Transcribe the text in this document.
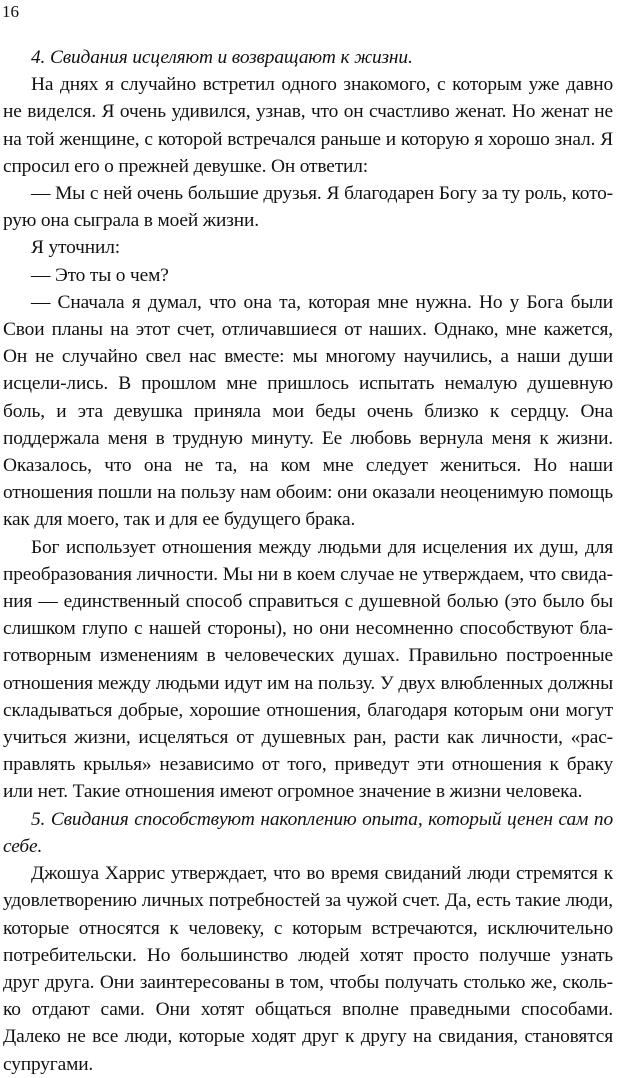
16

4. Свидания исцеляют и возвращают к жизни.

На днях я случайно встретил одного знакомого, с которым уже давно не виделся. Я очень удивился, узнав, что он счастливо женат. Но женат не на той женщине, с которой встречался раньше и которую я хорошо знал. Я спросил его о прежней девушке. Он ответил:

— Мы с ней очень большие друзья. Я благодарен Богу за ту роль, кото-рую она сыграла в моей жизни.

Я уточнил:

— Это ты о чем?

— Сначала я думал, что она та, которая мне нужна. Но у Бога были Свои планы на этот счет, отличавшиеся от наших. Однако, мне кажется, Он не случайно свел нас вместе: мы многому научились, а наши души исцели-лись. В прошлом мне пришлось испытать немалую душевную боль, и эта девушка приняла мои беды очень близко к сердцу. Она поддержала меня в трудную минуту. Ее любовь вернула меня к жизни. Оказалось, что она не та, на ком мне следует жениться. Но наши отношения пошли на пользу нам обоим: они оказали неоценимую помощь как для моего, так и для ее будущего брака.

Бог использует отношения между людьми для исцеления их душ, для преобразования личности. Мы ни в коем случае не утверждаем, что свида-ния — единственный способ справиться с душевной болью (это было бы слишком глупо с нашей стороны), но они несомненно способствуют бла-готворным изменениям в человеческих душах. Правильно построенные отношения между людьми идут им на пользу. У двух влюбленных должны складываться добрые, хорошие отношения, благодаря которым они могут учиться жизни, исцеляться от душевных ран, расти как личности, «рас-правлять крылья» независимо от того, приведут эти отношения к браку или нет. Такие отношения имеют огромное значение в жизни человека.

5. Свидания способствуют накоплению опыта, который ценен сам по себе.

Джошуа Харрис утверждает, что во время свиданий люди стремятся к удовлетворению личных потребностей за чужой счет. Да, есть такие люди, которые относятся к человеку, с которым встречаются, исключительно потребительски. Но большинство людей хотят просто получше узнать друг друга. Они заинтересованы в том, чтобы получать столько же, сколь-ко отдают сами. Они хотят общаться вполне праведными способами. Далеко не все люди, которые ходят друг к другу на свидания, становятся супругами.
